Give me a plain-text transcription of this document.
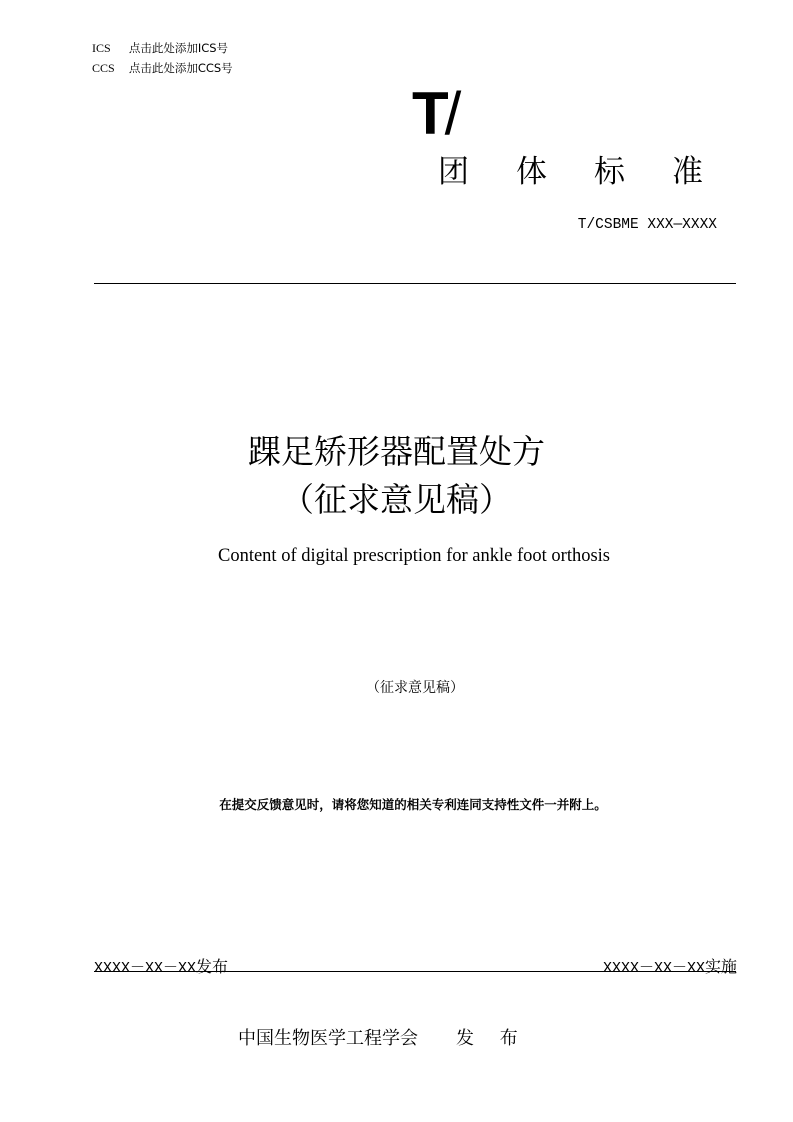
ICS 点击此处添加ICS号
CCS 点击此处添加CCS号
T/
团体标准
T/CSBME XXX—XXXX
踝足矫形器配置处方
（征求意见稿）
Content of digital prescription for ankle foot orthosis
（征求意见稿）
在提交反馈意见时，请将您知道的相关专利连同支持性文件一并附上。
XXXX－XX－XX发布	XXXX－XX－XX实施
中国生物医学工程学会 发 布
